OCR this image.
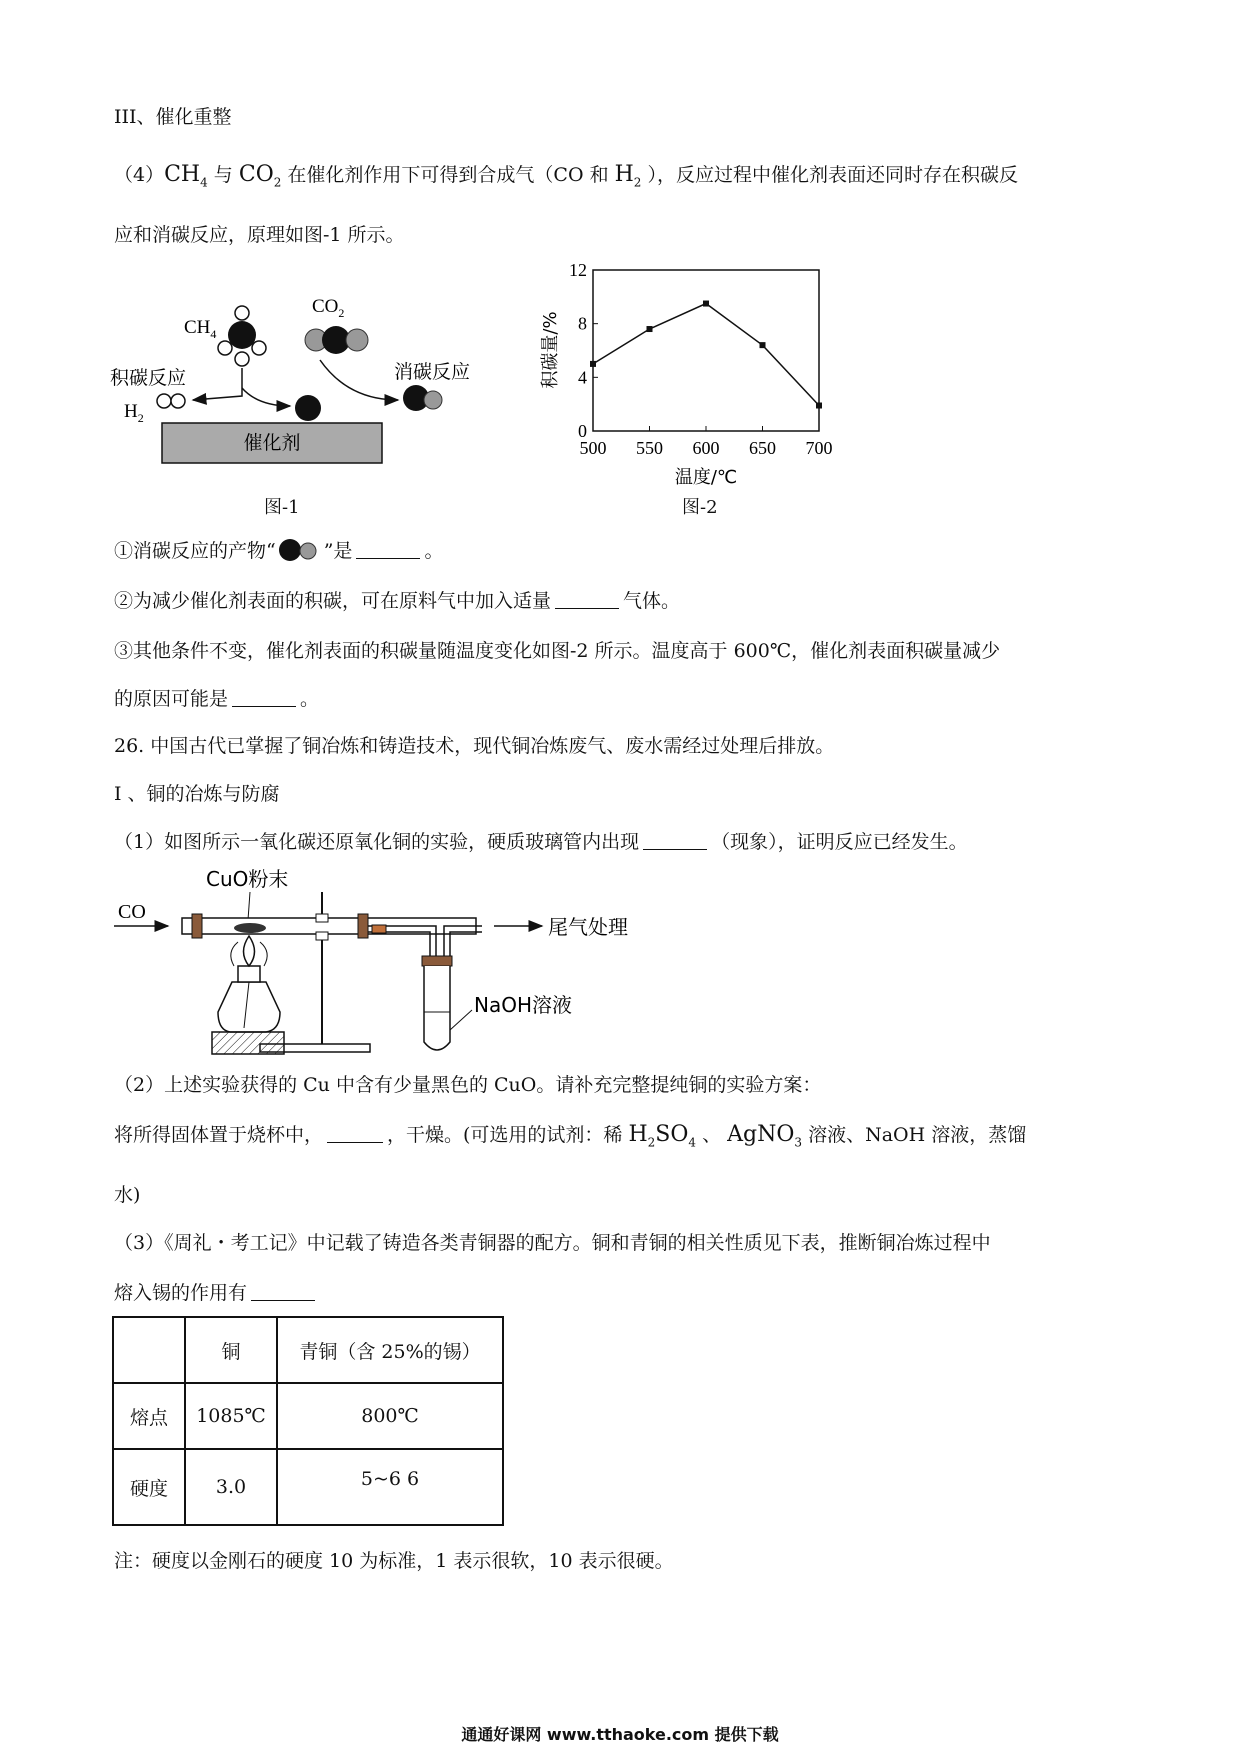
III、催化重整
$(4)CH_4$ 与 $CO_2$ 在催化剂作用下可得到合成气（CO 和 $H_2$ ），反应过程中催化剂表面还同时存在积碳反
应和消碳反应，原理如图-1 所示。
$CH_4$
$CO_2$
积碳反应	消碳反应
$H_2$
催化剂
图-1
500 550 600 650 700
0
4
8
12
积碳量/%
温度/℃
图-2
①消碳反应的产物“	”是	。
②为减少催化剂表面的积碳，可在原料气中加入适量	气体。
③其他条件不变，催化剂表面的积碳量随温度变化如图-2 所示。温度高于 600℃，催化剂表面积碳量减少
的原因可能是	。
26. 中国古代已掌握了铜冶炼和铸造技术，现代铜冶炼废气、废水需经过处理后排放。
I 、铜的冶炼与防腐
（1）如图所示一氧化碳还原氧化铜的实验，硬质玻璃管内出现	（现象），证明反应已经发生。
CO
CuO粉末
NaOH溶液
尾气处理
（2）上述实验获得的 Cu 中含有少量黑色的 CuO。请补充完整提纯铜的实验方案：
将所得固体置于烧杯中，	，干燥。(可选用的试剂：稀 $H_2SO_4$ 、 AgNO$_3$ 溶液、NaOH 溶液，蒸馏
水)
（3）《周礼・考工记》中记载了铸造各类青铜器的配方。铜和青铜的相关性质见下表，推断铜冶炼过程中
熔入锡的作用有
	铜	青铜（含 25%的锡）
熔点	1085℃	800℃
硬度	3.0	5~6 6
注：硬度以金刚石的硬度 10 为标准，1 表示很软，10 表示很硬。
通通好课网 www.tthaoke.com 提供下载
